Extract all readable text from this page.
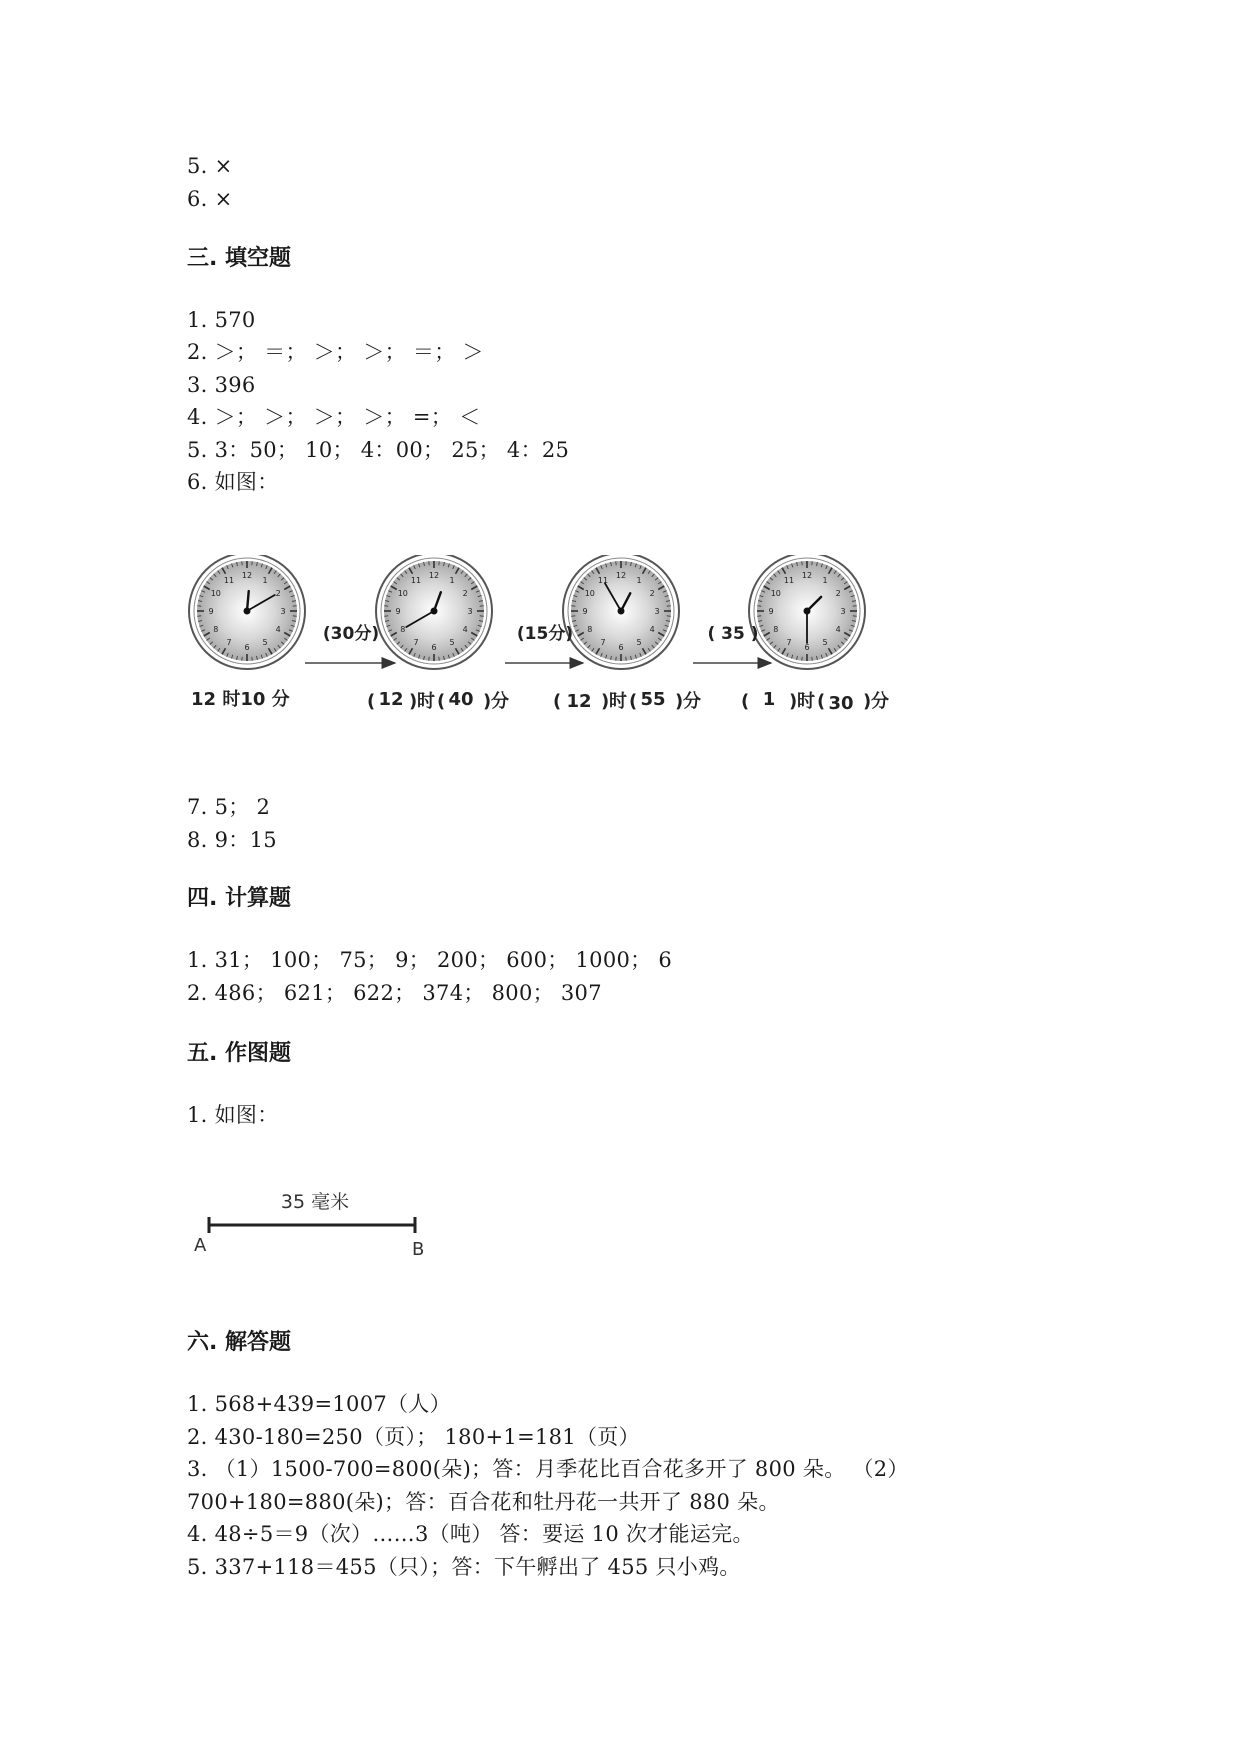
5. ×
6. ×
三. 填空题
1. 570
2. ＞； ＝； ＞； ＞； ＝； ＞
3. 396
4. ＞； ＞； ＞； ＞； =； ＜
5. 3：50； 10； 4：00； 25； 4：25
6. 如图：
12
1
2
3
4
5
6
7
8
9
10
11
12
1
2
3
4
5
6
7
8
9
10
11
12
1
2
3
4
5
6
7
8
9
10
11
12
1
2
3
4
5
6
7
8
9
10
11
(30分)	(15分)	( 35 )
12 时10 分	( 12 ) 时 ( 40 ) 分 ( 12 ) 时 ( 55 ) 分 ( 1 ) 时 ( 30 ) 分
7. 5； 2
8. 9：15
四. 计算题
1. 31； 100； 75； 9； 200； 600； 1000； 6
2. 486； 621； 622； 374； 800； 307
五. 作图题
1. 如图：
35 毫米
A	B
六. 解答题
1. 568+439=1007（人）
2. 430-180=250（页）； 180+1=181（页）
3. （1）1500-700=800(朵)；答：月季花比百合花多开了 800 朵。 （2）
700+180=880(朵)；答：百合花和牡丹花一共开了 880 朵。
4. 48÷5＝9（次）……3（吨） 答：要运 10 次才能运完。
5. 337+118＝455（只）；答：下午孵出了 455 只小鸡。
